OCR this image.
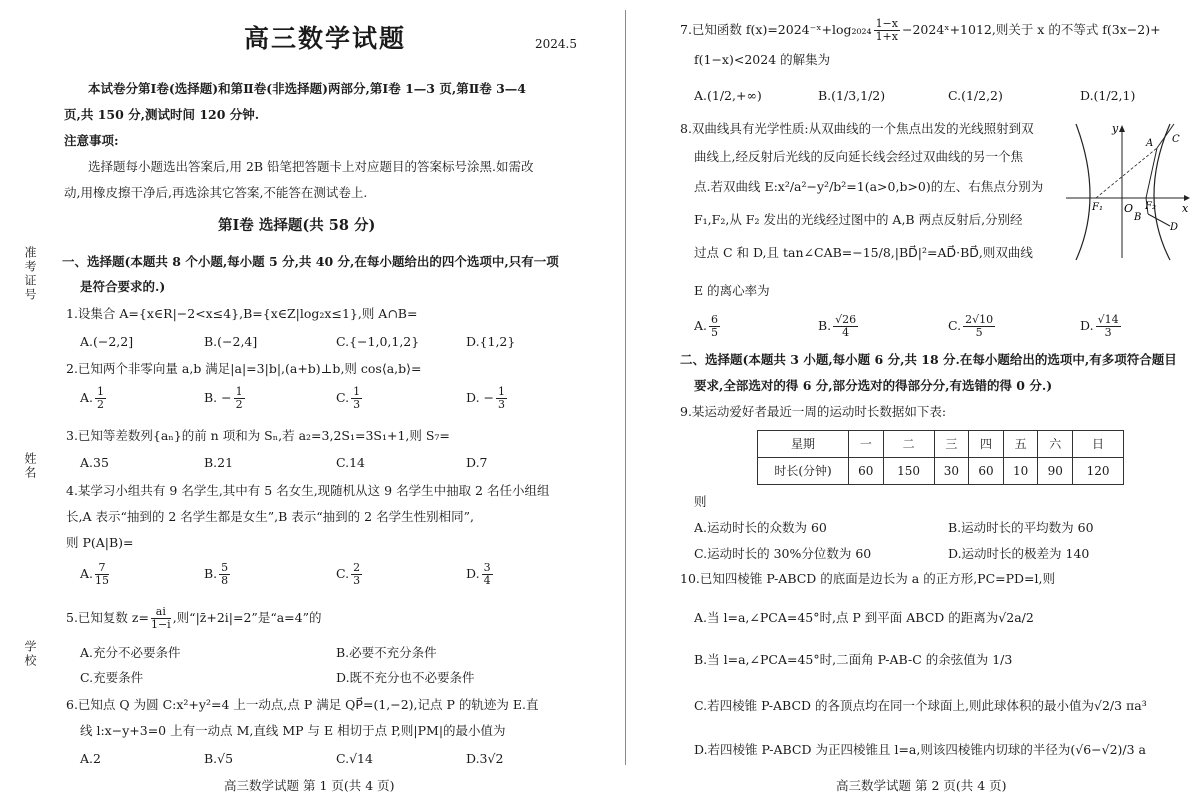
准考证号
姓名
学校
高三数学试题	2024.5

本试卷分第Ⅰ卷(选择题)和第Ⅱ卷(非选择题)两部分,第Ⅰ卷 1—3 页,第Ⅱ卷 3—4

页,共 150 分,测试时间 120 分钟.

注意事项:

选择题每小题选出答案后,用 2B 铅笔把答题卡上对应题目的答案标号涂黑.如需改

动,用橡皮擦干净后,再选涂其它答案,不能答在测试卷上.

第Ⅰ卷 选择题(共 58 分)
一、选择题(本题共 8 个小题,每小题 5 分,共 40 分,在每小题给出的四个选项中,只有一项
是符合要求的.)
1.设集合 A={x∈R|−2<x≤4},B={x∈Z|log₂x≤1},则 A∩B=
A.(−2,2]	B.(−2,4]	C.{−1,0,1,2}	D.{1,2}
2.已知两个非零向量 a,b 满足|a|=3|b|,(a+b)⊥b,则 cos⟨a,b⟩=
A. $\frac{1}{2}$	B. − $\frac{1}{2}$	C. $\frac{1}{3}$	D. − $\frac{1}{3}$
3.已知等差数列{aₙ}的前 n 项和为 Sₙ,若 a₂=3,2S₁=3S₁+1,则 S₇=
A.35	B.21	C.14	D.7
4.某学习小组共有 9 名学生,其中有 5 名女生,现随机从这 9 名学生中抽取 2 名任小组组
长,A 表示“抽到的 2 名学生都是女生”,B 表示“抽到的 2 名学生性别相同”,
则 P(A|B)=
A. $\frac{7}{15}$	B. $\frac{5}{8}$	C. $\frac{2}{3}$	D. $\frac{3}{4}$
5.已知复数 $z= \frac{ai}{1-i}$ ,则“|z̄+2i|=2”是“a=4”的
A.充分不必要条件	B.必要不充分条件
C.充要条件	D.既不充分也不必要条件
6.已知点 Q 为圆 C:x²+y²=4 上一动点,点 P 满足 QP⃗=(1,−2),记点 P 的轨迹为 E.直
线 l:x−y+3=0 上有一动点 M,直线 MP 与 E 相切于点 P,则|PM|的最小值为
A.2	B.√5	C.√14	D.3√2
高三数学试题 第 1 页(共 4 页)
7.已知函数 f(x)=2024⁻ˣ+log₂₀₂₄ $\frac{1-x}{1+x}$ −2024ˣ+1012,则关于 x 的不等式 f(3x−2)+
f(1−x)<2024 的解集为
A.(1/2,+∞)	B.(1/3,1/2)	C.(1/2,2)	D.(1/2,1)
8.双曲线具有光学性质:从双曲线的一个焦点出发的光线照射到双
曲线上,经反射后光线的反向延长线会经过双曲线的另一个焦
点.若双曲线 E:x²/a²−y²/b²=1(a>0,b>0)的左、右焦点分别为
F₁,F₂,从 F₂ 发出的光线经过图中的 A,B 两点反射后,分别经
过点 C 和 D,且 tan∠CAB=−15/8,|BD⃗|²=AD⃗·BD⃗,则双曲线
E 的离心率为
y
x
O
F₁	F₂
A C
B
D
A. $\frac{6}{5}$	B. $\frac{√26}{4}$	C. $\frac{2√10}{5}$	D. $\frac{√14}{3}$
二、选择题(本题共 3 小题,每小题 6 分,共 18 分.在每小题给出的选项中,有多项符合题目
要求,全部选对的得 6 分,部分选对的得部分分,有选错的得 0 分.)
9.某运动爱好者最近一周的运动时长数据如下表:
星期	一	二	三	四	五	六	日
时长(分钟)	60	150	30	60	10	90	120
则
A.运动时长的众数为 60	B.运动时长的平均数为 60
C.运动时长的 30%分位数为 60	D.运动时长的极差为 140
10.已知四棱锥 P-ABCD 的底面是边长为 a 的正方形,PC=PD=l,则
A.当 l=a,∠PCA=45°时,点 P 到平面 ABCD 的距离为√2a/2
B.当 l=a,∠PCA=45°时,二面角 P-AB-C 的余弦值为 1/3
C.若四棱锥 P-ABCD 的各顶点均在同一个球面上,则此球体积的最小值为√2/3 πa³
D.若四棱锥 P-ABCD 为正四棱锥且 l=a,则该四棱锥内切球的半径为(√6−√2)/3 a
高三数学试题 第 2 页(共 4 页)
